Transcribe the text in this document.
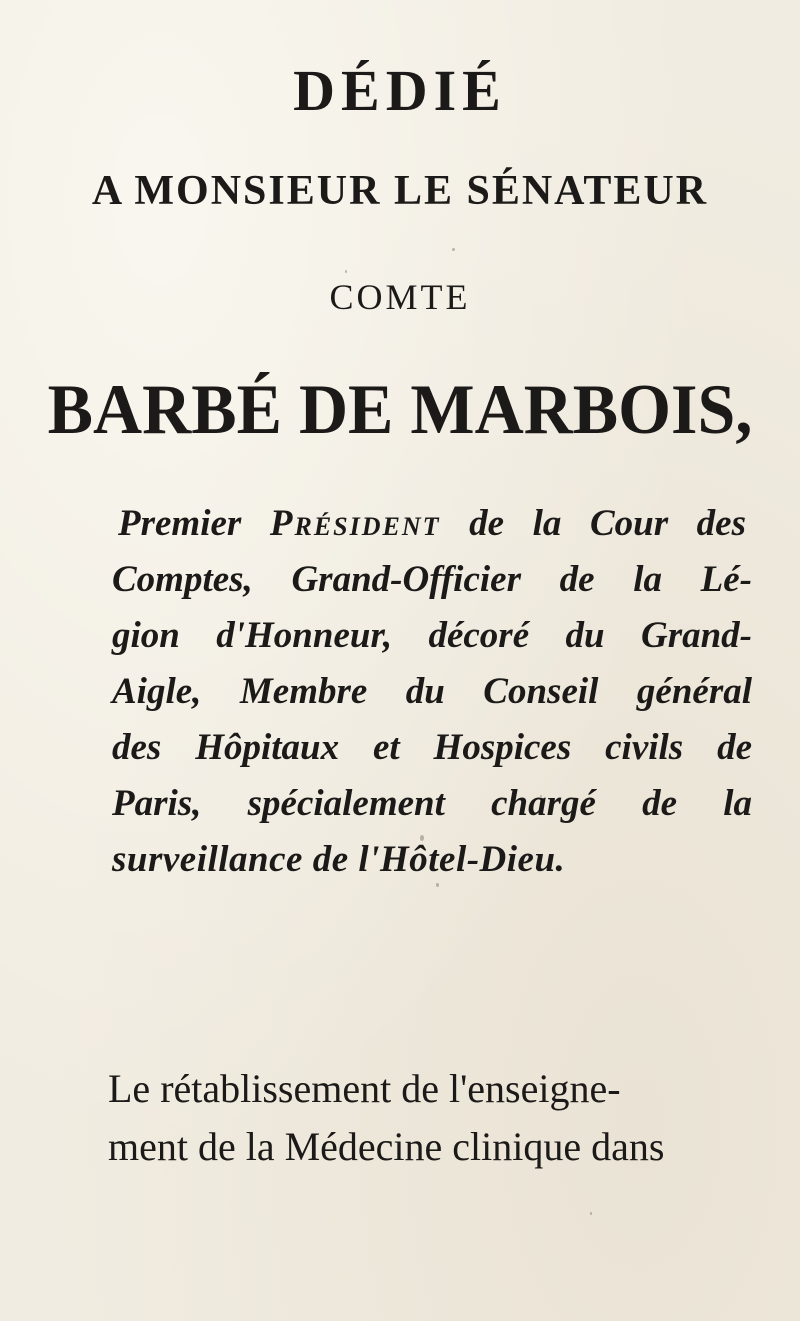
DÉDIÉ
A MONSIEUR LE SÉNATEUR
COMTE
BARBÉ DE MARBOIS,
Premier Président de la Cour des
Comptes, Grand-Officier de la Lé-
gion d'Honneur, décoré du Grand-
Aigle, Membre du Conseil général
des Hôpitaux et Hospices civils de
Paris, spécialement chargé de la
surveillance de l'Hôtel-Dieu.
Le rétablissement de l'enseigne-
ment de la Médecine clinique dans
